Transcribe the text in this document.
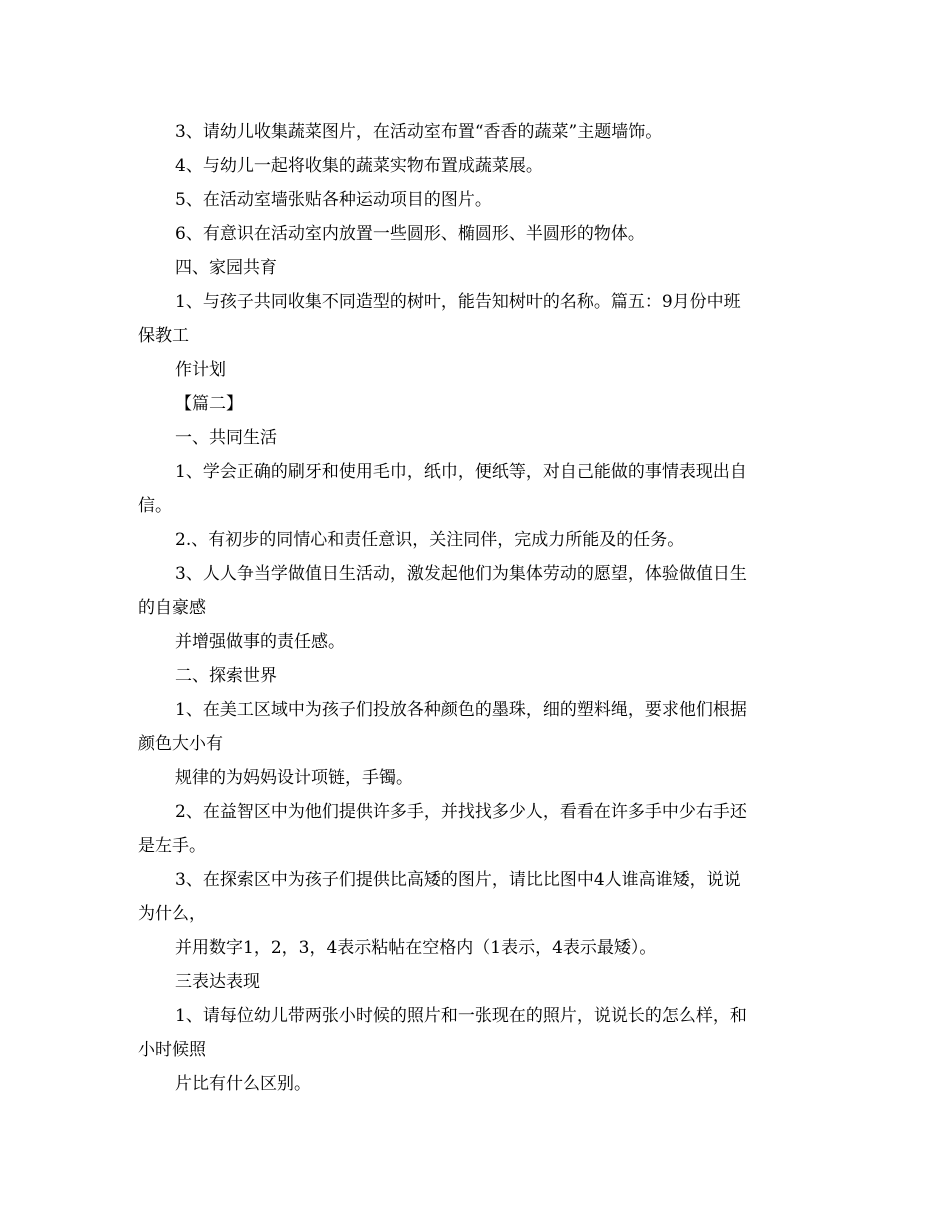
3、请幼儿收集蔬菜图片，在活动室布置“香香的蔬菜”主题墙饰。
4、与幼儿一起将收集的蔬菜实物布置成蔬菜展。
5、在活动室墙张贴各种运动项目的图片。
6、有意识在活动室内放置一些圆形、椭圆形、半圆形的物体。
四、家园共育
1、与孩子共同收集不同造型的树叶，能告知树叶的名称。篇五：9月份中班
保教工
作计划
【篇二】
一、共同生活
1、学会正确的刷牙和使用毛巾，纸巾，便纸等，对自己能做的事情表现出自
信。
2.、有初步的同情心和责任意识，关注同伴，完成力所能及的任务。
3、人人争当学做值日生活动，激发起他们为集体劳动的愿望，体验做值日生
的自豪感
并增强做事的责任感。
二、探索世界
1、在美工区域中为孩子们投放各种颜色的墨珠，细的塑料绳，要求他们根据
颜色大小有
规律的为妈妈设计项链，手镯。
2、在益智区中为他们提供许多手，并找找多少人，看看在许多手中少右手还
是左手。
3、在探索区中为孩子们提供比高矮的图片，请比比图中4人谁高谁矮，说说
为什么，
并用数字1，2，3，4表示粘帖在空格内（1表示，4表示最矮）。
三表达表现
1、请每位幼儿带两张小时候的照片和一张现在的照片，说说长的怎么样，和
小时候照
片比有什么区别。
